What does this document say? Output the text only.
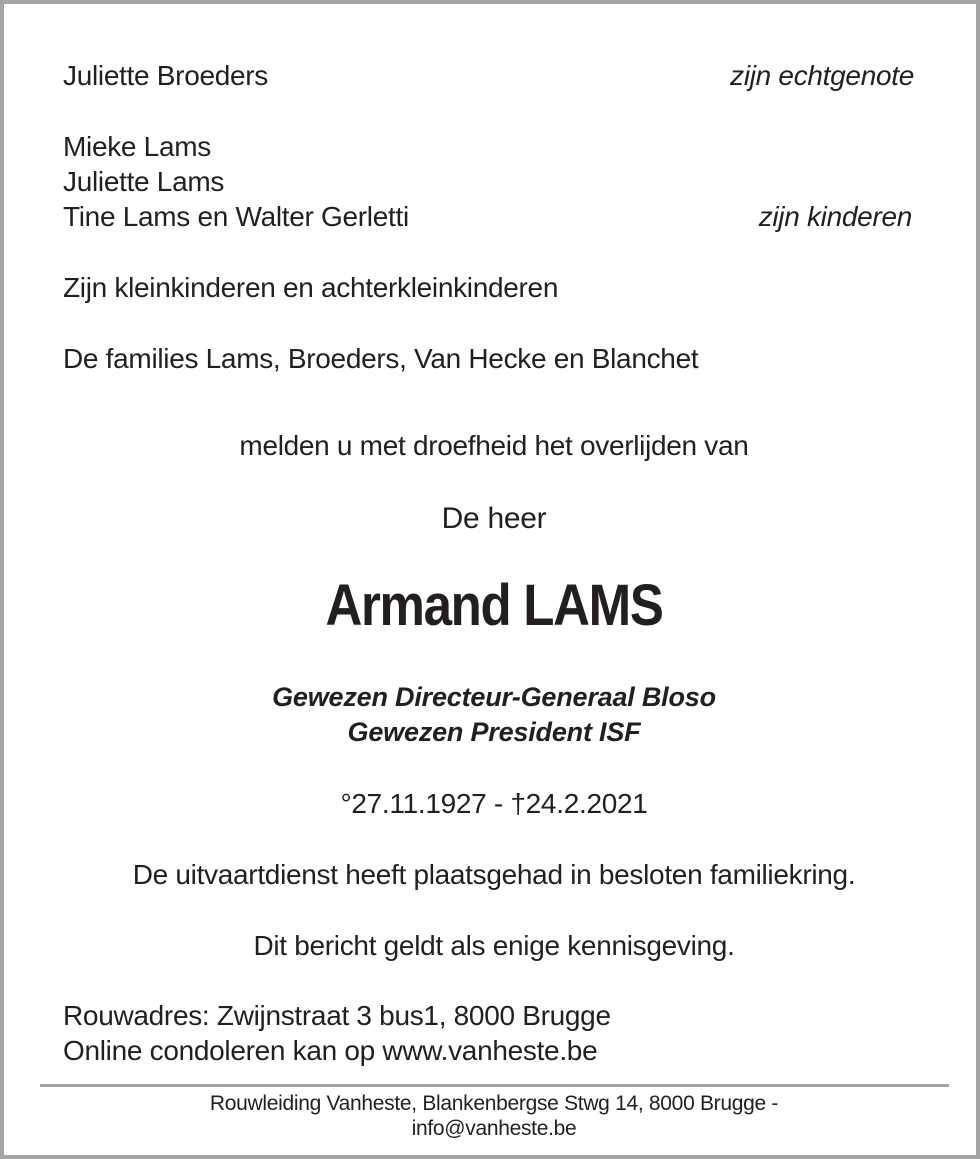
Juliette Broeders	zijn echtgenote
Mieke Lams
Juliette Lams
Tine Lams en Walter Gerletti	zijn kinderen
Zijn kleinkinderen en achterkleinkinderen
De families Lams, Broeders, Van Hecke en Blanchet
melden u met droefheid het overlijden van
De heer
Armand LAMS
Gewezen Directeur-Generaal Bloso
Gewezen President ISF
°27.11.1927 - †24.2.2021
De uitvaartdienst heeft plaatsgehad in besloten familiekring.
Dit bericht geldt als enige kennisgeving.
Rouwadres: Zwijnstraat 3 bus1, 8000 Brugge
Online condoleren kan op www.vanheste.be
Rouwleiding Vanheste, Blankenbergse Stwg 14, 8000 Brugge -
info@vanheste.be
